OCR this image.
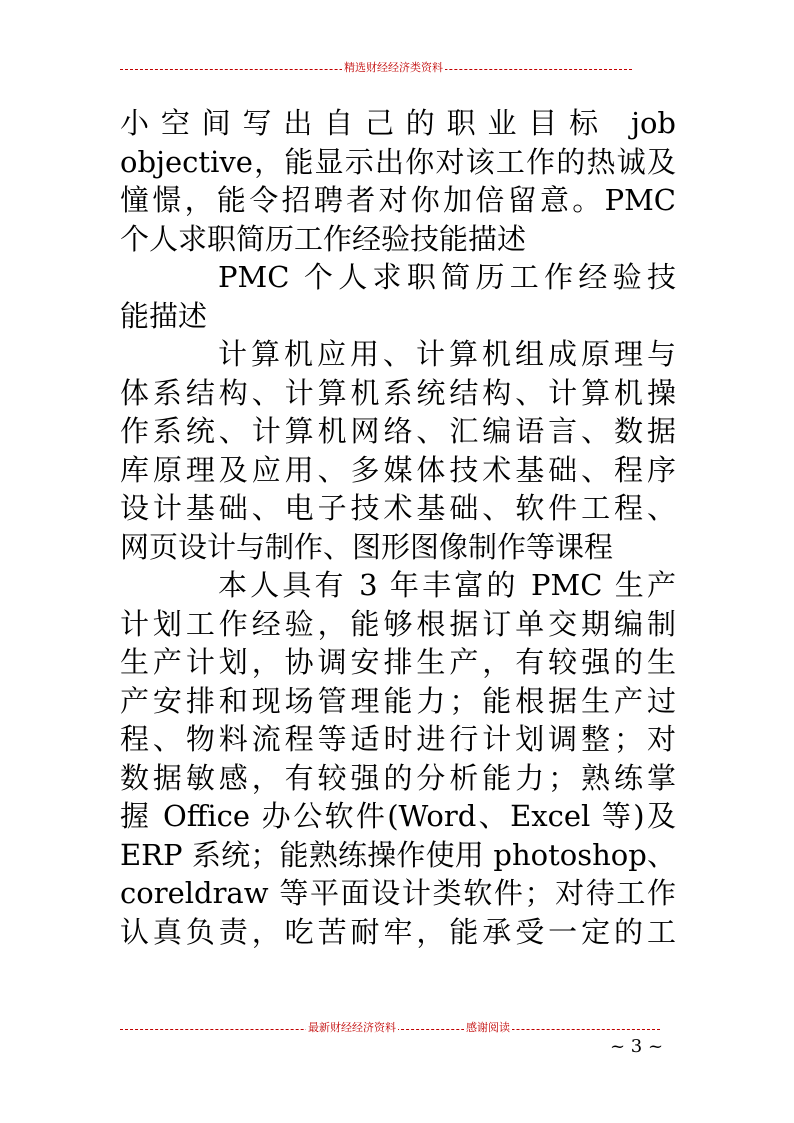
精选财经经济类资料
小空间写出自己的职业目标 job
objective，能显示出你对该工作的热诚及
憧憬，能令招聘者对你加倍留意。PMC
个人求职简历工作经验技能描述
PMC 个人求职简历工作经验技
能描述
计算机应用、计算机组成原理与
体系结构、计算机系统结构、计算机操
作系统、计算机网络、汇编语言、数据
库原理及应用、多媒体技术基础、程序
设计基础、电子技术基础、软件工程、
网页设计与制作、图形图像制作等课程
本人具有 3 年丰富的 PMC 生产
计划工作经验，能够根据订单交期编制
生产计划，协调安排生产，有较强的生
产安排和现场管理能力；能根据生产过
程、物料流程等适时进行计划调整；对
数据敏感，有较强的分析能力；熟练掌
握 Office 办公软件(Word、Excel 等)及
ERP 系统；能熟练操作使用 photoshop、
coreldraw 等平面设计类软件；对待工作
认真负责，吃苦耐牢，能承受一定的工
最新财经经济资料	感谢阅读
~ 3 ~
